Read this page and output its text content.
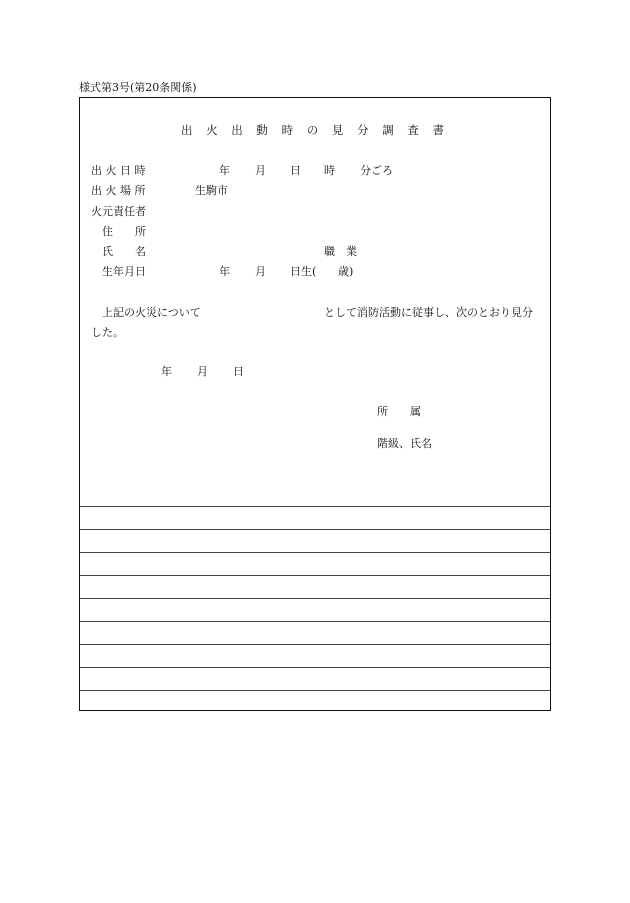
様式第3号(第20条関係)
出 火 出 動 時 の 見 分 調 査 書
出 火 日 時	年 月 日 時 分ごろ
出 火 場 所	生駒市
火元責任者
住　　所
氏　　名	職　業
生年月日	年 月 日生( 歳)
上記の火災について	として消防活動に従事し、次のとおり見分
した。
年 月 日
所　　属
階級、氏名
